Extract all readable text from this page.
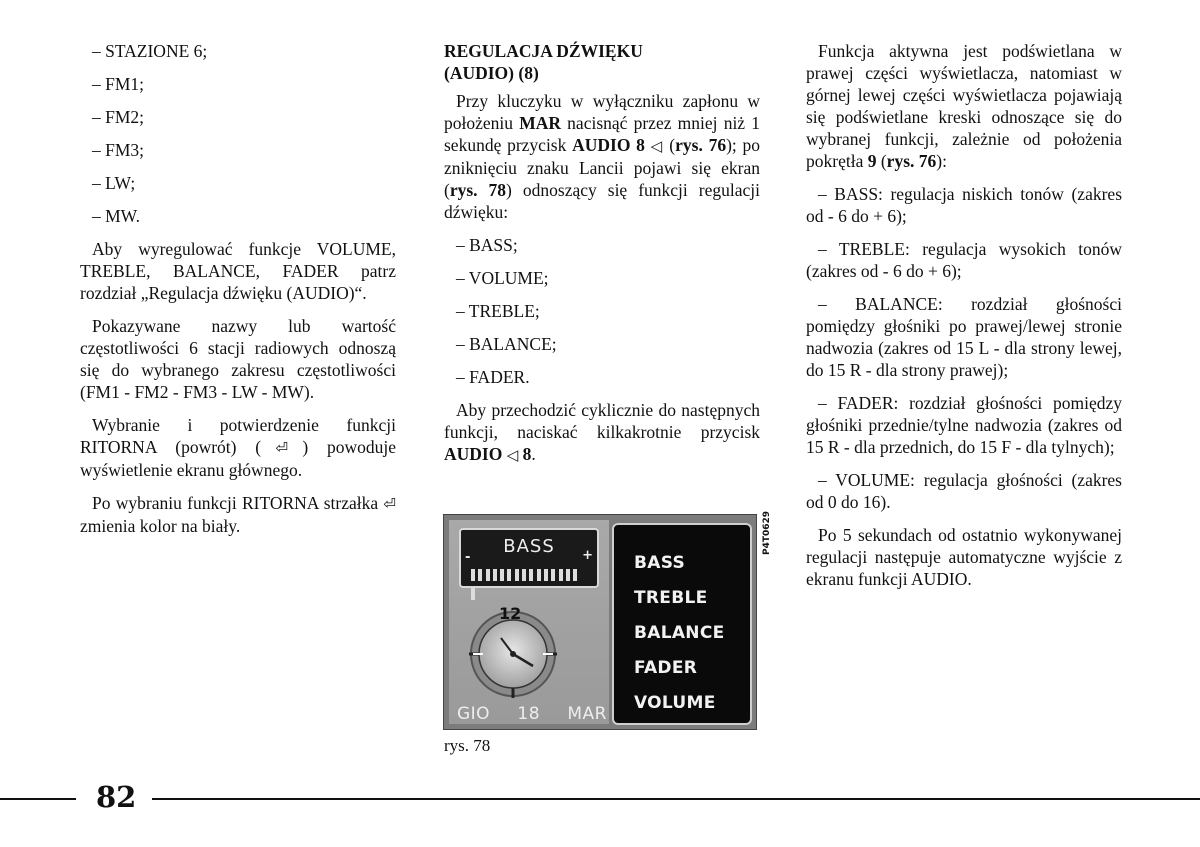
– STAZIONE 6;
– FM1;
– FM2;
– FM3;
– LW;
– MW.

Aby wyregulować funkcje VOLUME, TREBLE, BALANCE, FADER patrz rozdział „Regulacja dźwięku (AUDIO)“.

Pokazywane nazwy lub wartość częstotliwości 6 stacji radiowych odnoszą się do wybranego zakresu częstotliwości (FM1 - FM2 - FM3 - LW - MW).

Wybranie i potwierdzenie funkcji RITORNA (powrót) (⏎) powoduje wyświetlenie ekranu głównego.

Po wybraniu funkcji RITORNA strzałka ⏎ zmienia kolor na biały.

REGULACJA DŹWIĘKU
(AUDIO) (8)

Przy kluczyku w wyłączniku zapłonu w położeniu MAR nacisnąć przez mniej niż 1 sekundę przycisk AUDIO 8 ◁ (rys. 76); po zniknięciu znaku Lancii pojawi się ekran (rys. 78) odnoszący się funkcji regulacji dźwięku:

– BASS;
– VOLUME;
– TREBLE;
– BALANCE;
– FADER.

Aby przechodzić cyklicznie do następnych funkcji, naciskać kilkakrotnie przycisk AUDIO ◁ 8.

BASS
-	+
12
GIO 18 MAR
BASS
TREBLE
BALANCE
FADER
VOLUME
P4T0629
rys. 78

Funkcja aktywna jest podświetlana w prawej części wyświetlacza, natomiast w górnej lewej części wyświetlacza pojawiają się podświetlane kreski odnoszące się do wybranej funkcji, zależnie od położenia pokrętła 9 (rys. 76):

– BASS: regulacja niskich tonów (zakres od - 6 do + 6);

– TREBLE: regulacja wysokich tonów (zakres od - 6 do + 6);

– BALANCE: rozdział głośności pomiędzy głośniki po prawej/lewej stronie nadwozia (zakres od 15 L - dla strony lewej, do 15 R - dla strony prawej);

– FADER: rozdział głośności pomiędzy głośniki przednie/tylne nadwozia (zakres od 15 R - dla przednich, do 15 F - dla tylnych);

– VOLUME: regulacja głośności (zakres od 0 do 16).

Po 5 sekundach od ostatnio wykonywanej regulacji następuje automatyczne wyjście z ekranu funkcji AUDIO.

82
